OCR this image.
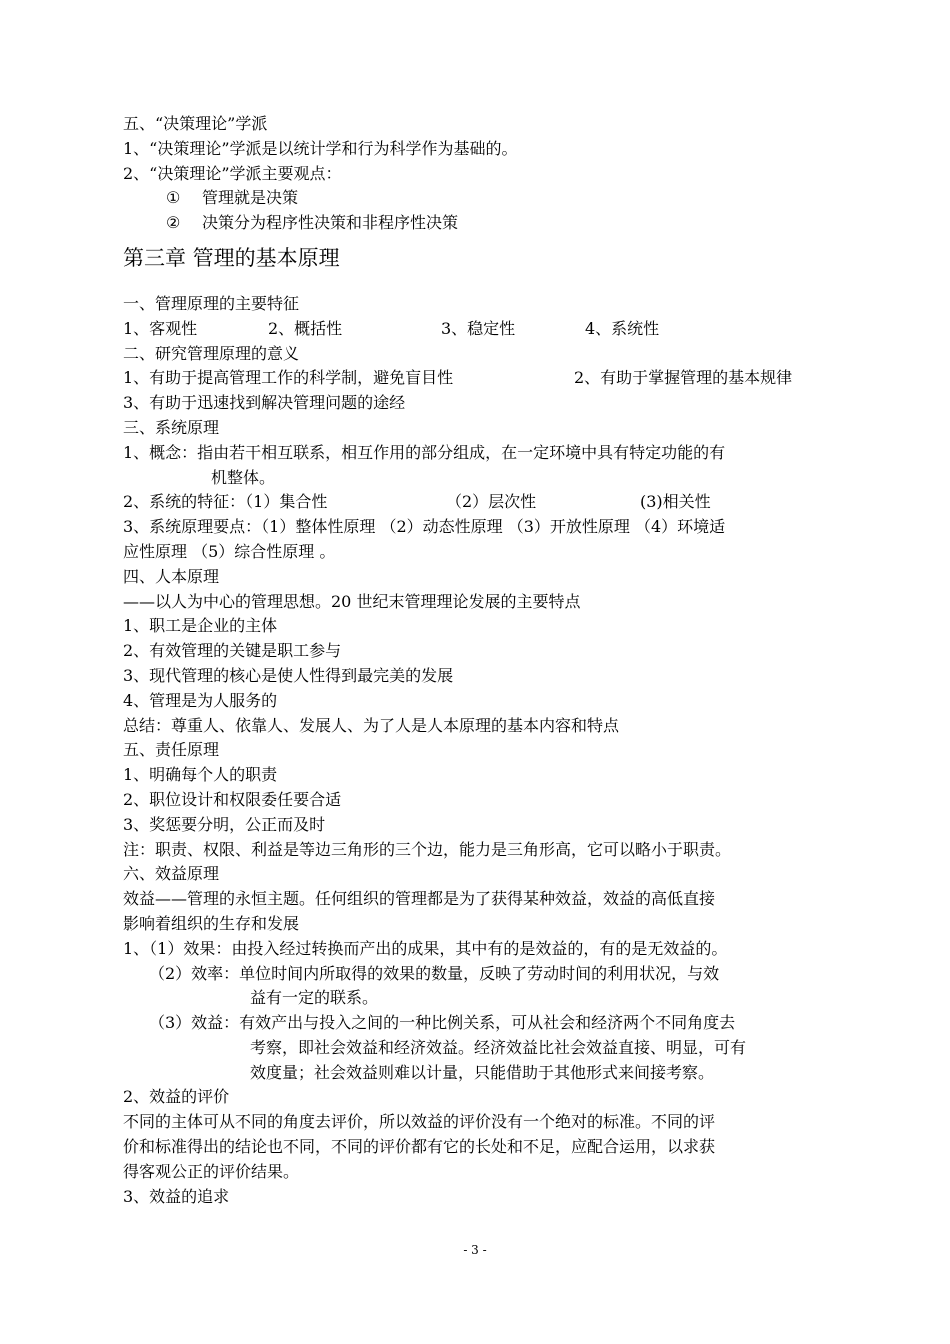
五、“决策理论”学派
1、“决策理论”学派是以统计学和行为科学作为基础的。
2、“决策理论”学派主要观点：
① 管理就是决策
② 决策分为程序性决策和非程序性决策
第三章 管理的基本原理
一、管理原理的主要特征
1、客观性	2、概括性	3、稳定性	4、系统性
二、研究管理原理的意义
1、有助于提高管理工作的科学制，避免盲目性	2、有助于掌握管理的基本规律
3、有助于迅速找到解决管理问题的途经
三、系统原理
1、概念：指由若干相互联系，相互作用的部分组成，在一定环境中具有特定功能的有
机整体。
2、系统的特征：（1）集合性	（2）层次性	(3)相关性
3、系统原理要点：（1）整体性原理 （2）动态性原理 （3）开放性原理 （4）环境适
应性原理 （5）综合性原理 。
四、人本原理
——以人为中心的管理思想。20 世纪末管理理论发展的主要特点
1、职工是企业的主体
2、有效管理的关键是职工参与
3、现代管理的核心是使人性得到最完美的发展
4、管理是为人服务的
总结：尊重人、依靠人、发展人、为了人是人本原理的基本内容和特点
五、责任原理
1、明确每个人的职责
2、职位设计和权限委任要合适
3、奖惩要分明，公正而及时
注：职责、权限、利益是等边三角形的三个边，能力是三角形高，它可以略小于职责。
六、效益原理
效益——管理的永恒主题。任何组织的管理都是为了获得某种效益，效益的高低直接
影响着组织的生存和发展
1、（1）效果：由投入经过转换而产出的成果，其中有的是效益的，有的是无效益的。
（2）效率：单位时间内所取得的效果的数量，反映了劳动时间的利用状况，与效
益有一定的联系。
（3）效益：有效产出与投入之间的一种比例关系，可从社会和经济两个不同角度去
考察，即社会效益和经济效益。经济效益比社会效益直接、明显，可有
效度量；社会效益则难以计量，只能借助于其他形式来间接考察。
2、效益的评价
不同的主体可从不同的角度去评价，所以效益的评价没有一个绝对的标准。不同的评
价和标准得出的结论也不同，不同的评价都有它的长处和不足，应配合运用，以求获
得客观公正的评价结果。
3、效益的追求
- 3 -
